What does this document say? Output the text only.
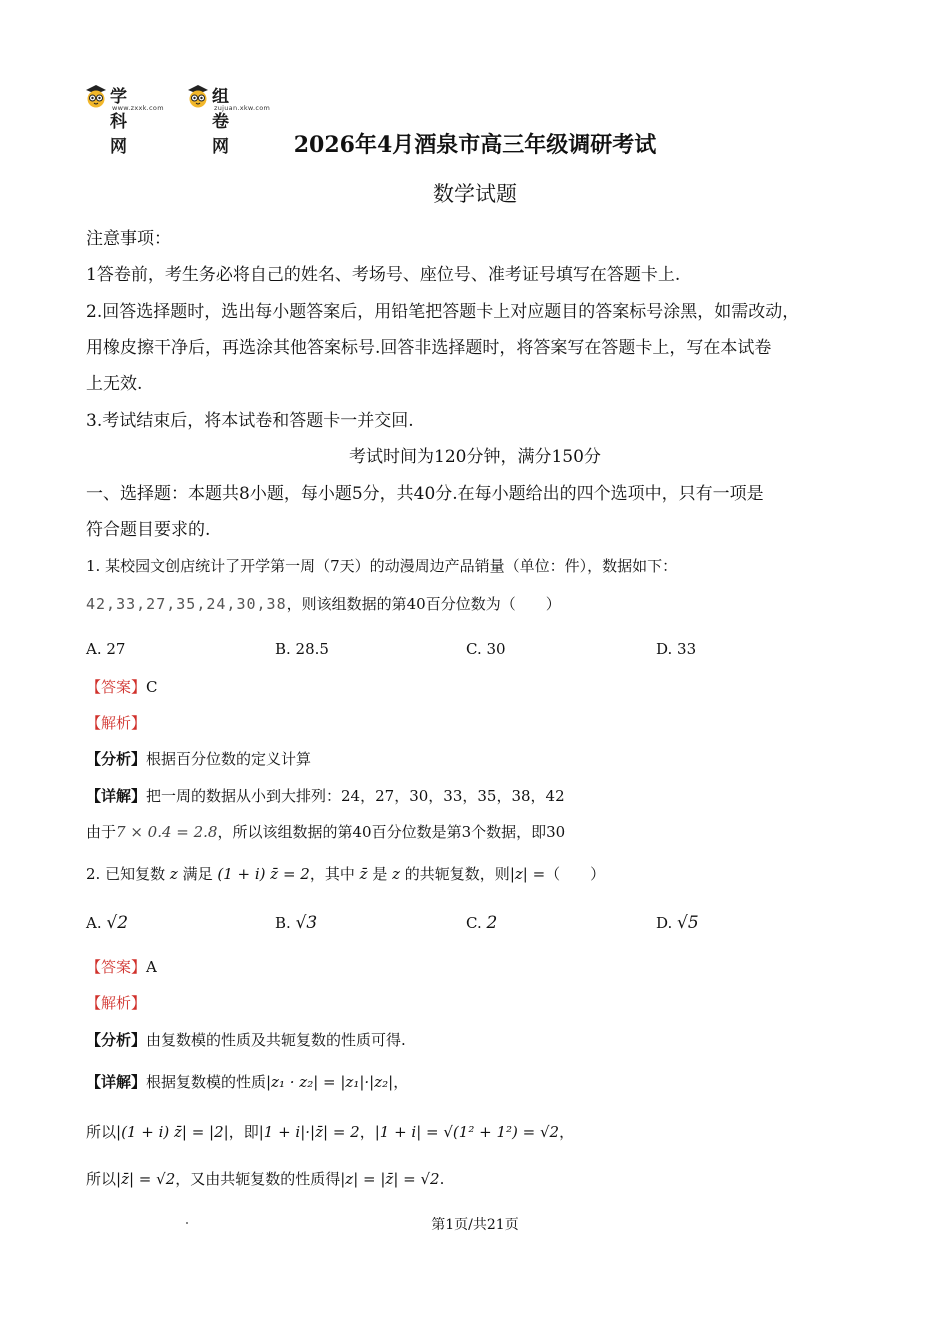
学科网
www.zxxk.com
组卷网
zujuan.xkw.com
2026年4月酒泉市高三年级调研考试
数学试题
注意事项：
1答卷前，考生务必将自己的姓名、考场号、座位号、准考证号填写在答题卡上.
2.回答选择题时，选出每小题答案后，用铅笔把答题卡上对应题目的答案标号涂黑，如需改动，
用橡皮擦干净后，再选涂其他答案标号.回答非选择题时，将答案写在答题卡上，写在本试卷
上无效.
3.考试结束后，将本试卷和答题卡一并交回.
考试时间为120分钟，满分150分
一、选择题：本题共8小题，每小题5分，共40分.在每小题给出的四个选项中，只有一项是
符合题目要求的.
1. 某校园文创店统计了开学第一周（7天）的动漫周边产品销量（单位：件），数据如下：
42,33,27,35,24,30,38，则该组数据的第40百分位数为（　　）
A. 27	B. 28.5	C. 30	D. 33
【答案】C
【解析】
【分析】根据百分位数的定义计算
【详解】把一周的数据从小到大排列：24，27，30，33，35，38，42
由于7 × 0.4 = 2.8，所以该组数据的第40百分位数是第3个数据，即30
2. 已知复数 z 满足 (1 + i) z̄ = 2，其中 z̄ 是 z 的共轭复数，则|z| =（　　）
A. √2	B. √3	C. 2	D. √5
【答案】A
【解析】
【分析】由复数模的性质及共轭复数的性质可得.
【详解】根据复数模的性质|z₁ · z₂| = |z₁|·|z₂|，
所以|(1 + i) z̄| = |2|，即|1 + i|·|z̄| = 2，|1 + i| = √(1² + 1²) = √2，
所以|z̄| = √2，又由共轭复数的性质得|z| = |z̄| = √2.
第1页/共21页
